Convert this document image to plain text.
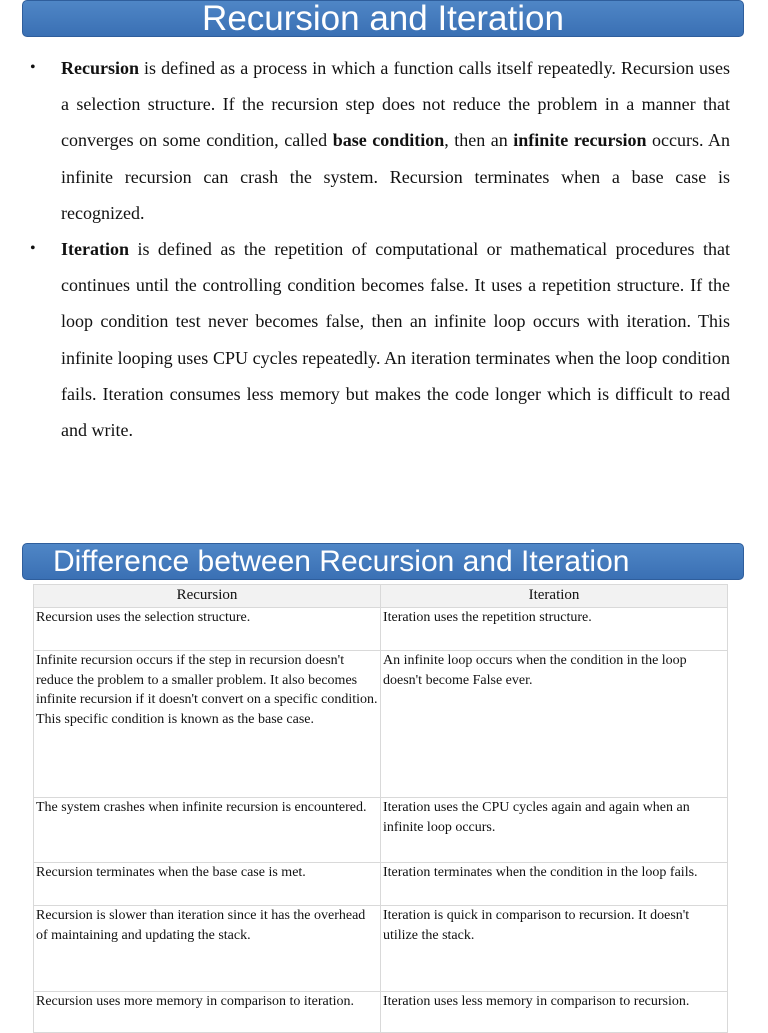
Recursion and Iteration
• Recursion is defined as a process in which a function calls itself repeatedly. Recursion uses a selection structure. If the recursion step does not reduce the problem in a manner that converges on some condition, called base condition, then an infinite recursion occurs. An infinite recursion can crash the system. Recursion terminates when a base case is recognized.

• Iteration is defined as the repetition of computational or mathematical procedures that continues until the controlling condition becomes false. It uses a repetition structure. If the loop condition test never becomes false, then an infinite loop occurs with iteration. This infinite looping uses CPU cycles repeatedly. An iteration terminates when the loop condition fails. Iteration consumes less memory but makes the code longer which is difficult to read and write.

Difference between Recursion and Iteration
Recursion	Iteration
Recursion uses the selection structure.	Iteration uses the repetition structure.
Infinite recursion occurs if the step in recursion doesn't reduce the problem to a smaller problem. It also becomes infinite recursion if it doesn't convert on a specific condition. This specific condition is known as the base case.	An infinite loop occurs when the condition in the loop doesn't become False ever.
The system crashes when infinite recursion is encountered.	Iteration uses the CPU cycles again and again when an infinite loop occurs.
Recursion terminates when the base case is met.	Iteration terminates when the condition in the loop fails.
Recursion is slower than iteration since it has the overhead of maintaining and updating the stack.	Iteration is quick in comparison to recursion. It doesn't utilize the stack.
Recursion uses more memory in comparison to iteration.	Iteration uses less memory in comparison to recursion.
